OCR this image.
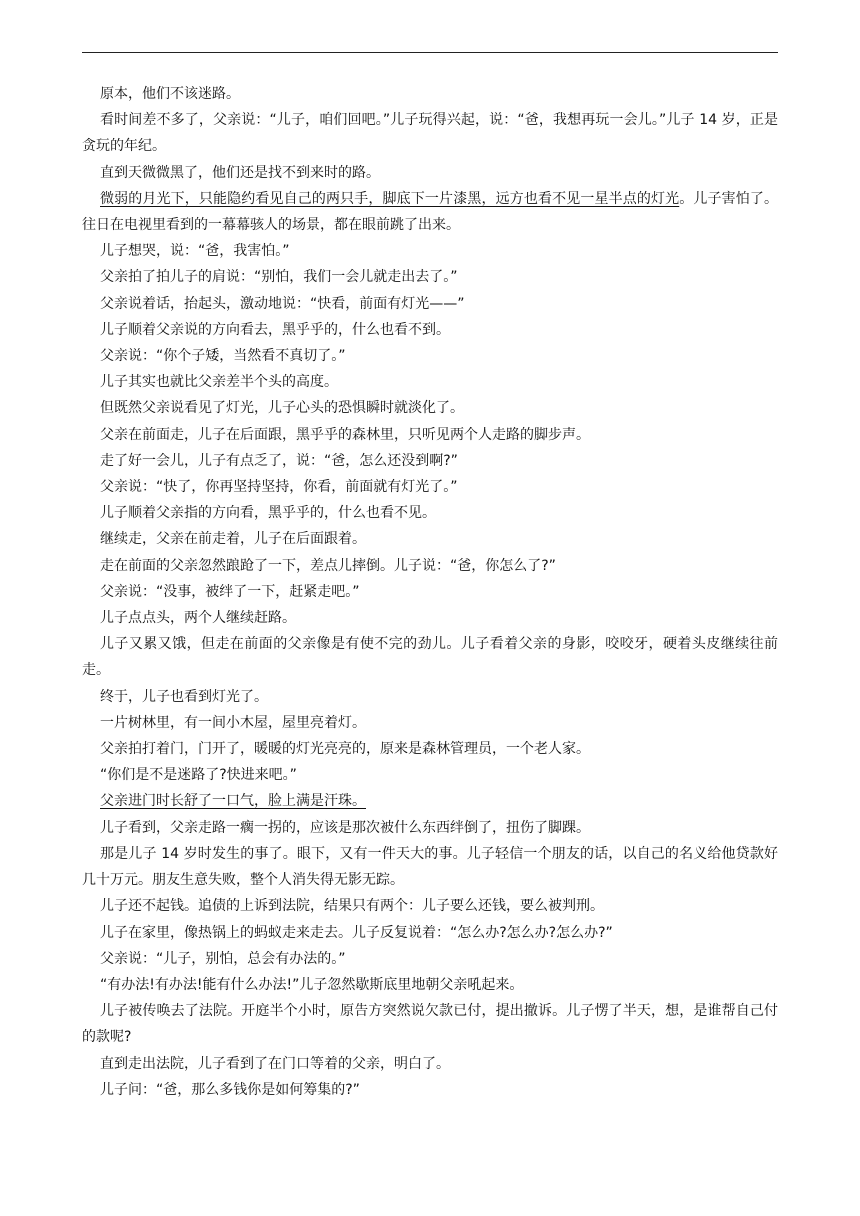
原本，他们不该迷路。

看时间差不多了，父亲说：“儿子，咱们回吧。”儿子玩得兴起，说：“爸，我想再玩一会儿。”儿子 14 岁，正是贪玩的年纪。

直到天微微黑了，他们还是找不到来时的路。

微弱的月光下，只能隐约看见自己的两只手，脚底下一片漆黑，远方也看不见一星半点的灯光。儿子害怕了。往日在电视里看到的一幕幕骇人的场景，都在眼前跳了出来。

儿子想哭，说：“爸，我害怕。”

父亲拍了拍儿子的肩说：“别怕，我们一会儿就走出去了。”

父亲说着话，抬起头，激动地说：“快看，前面有灯光——”

儿子顺着父亲说的方向看去，黑乎乎的，什么也看不到。

父亲说：“你个子矮，当然看不真切了。”

儿子其实也就比父亲差半个头的高度。

但既然父亲说看见了灯光，儿子心头的恐惧瞬时就淡化了。

父亲在前面走，儿子在后面跟，黑乎乎的森林里，只听见两个人走路的脚步声。

走了好一会儿，儿子有点乏了，说：“爸，怎么还没到啊?”

父亲说：“快了，你再坚持坚持，你看，前面就有灯光了。”

儿子顺着父亲指的方向看，黑乎乎的，什么也看不见。

继续走，父亲在前走着，儿子在后面跟着。

走在前面的父亲忽然踉跄了一下，差点儿摔倒。儿子说：“爸，你怎么了?”

父亲说：“没事，被绊了一下，赶紧走吧。”

儿子点点头，两个人继续赶路。

儿子又累又饿，但走在前面的父亲像是有使不完的劲儿。儿子看着父亲的身影，咬咬牙，硬着头皮继续往前走。

终于，儿子也看到灯光了。

一片树林里，有一间小木屋，屋里亮着灯。

父亲拍打着门，门开了，暖暖的灯光亮亮的，原来是森林管理员，一个老人家。

“你们是不是迷路了?快进来吧。”

父亲进门时长舒了一口气，脸上满是汗珠。

儿子看到，父亲走路一瘸一拐的，应该是那次被什么东西绊倒了，扭伤了脚踝。

那是儿子 14 岁时发生的事了。眼下，又有一件天大的事。儿子轻信一个朋友的话，以自己的名义给他贷款好几十万元。朋友生意失败，整个人消失得无影无踪。

儿子还不起钱。追债的上诉到法院，结果只有两个：儿子要么还钱，要么被判刑。

儿子在家里，像热锅上的蚂蚁走来走去。儿子反复说着：“怎么办?怎么办?怎么办?”

父亲说：“儿子，别怕，总会有办法的。”

“有办法!有办法!能有什么办法!”儿子忽然歇斯底里地朝父亲吼起来。

儿子被传唤去了法院。开庭半个小时，原告方突然说欠款已付，提出撤诉。儿子愣了半天，想，是谁帮自己付的款呢?

直到走出法院，儿子看到了在门口等着的父亲，明白了。

儿子问：“爸，那么多钱你是如何筹集的?”
